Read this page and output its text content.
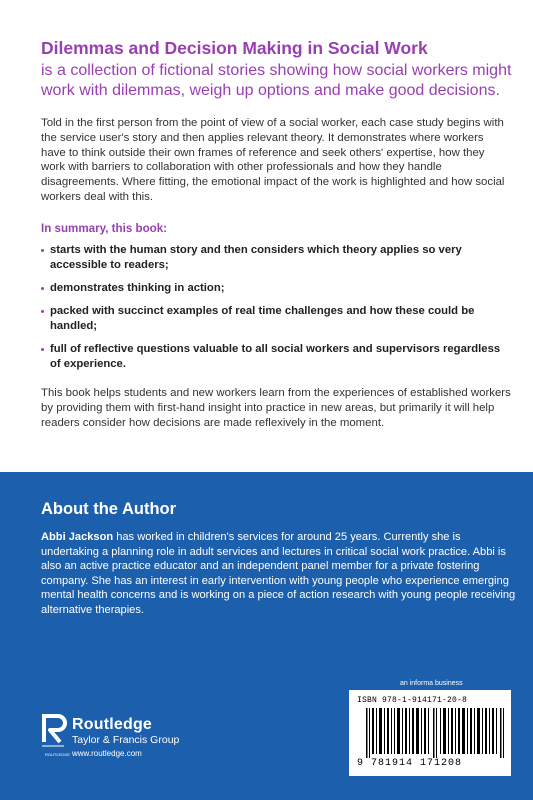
Dilemmas and Decision Making in Social Work

is a collection of fictional stories showing how social workers might work with dilemmas, weigh up options and make good decisions.

Told in the first person from the point of view of a social worker, each case study begins with the service user's story and then applies relevant theory. It demonstrates where workers have to think outside their own frames of reference and seek others' expertise, how they work with barriers to collaboration with other professionals and how they handle disagreements. Where fitting, the emotional impact of the work is highlighted and how social workers deal with this.

In summary, this book:

starts with the human story and then considers which theory applies so very accessible to readers;
demonstrates thinking in action;
packed with succinct examples of real time challenges and how these could be handled;
full of reflective questions valuable to all social workers and supervisors regardless of experience.

This book helps students and new workers learn from the experiences of established workers by providing them with first-hand insight into practice in new areas, but primarily it will help readers consider how decisions are made reflexively in the moment.

About the Author

Abbi Jackson has worked in children's services for around 25 years. Currently she is undertaking a planning role in adult services and lectures in critical social work practice. Abbi is also an active practice educator and an independent panel member for a private fostering company. She has an interest in early intervention with young people who experience emerging mental health concerns and is working on a piece of action research with young people receiving alternative therapies.

ROUTLEDGE
Routledge
Taylor & Francis Group
www.routledge.com
an informa business
ISBN 978-1-914171-20-8
9 781914 171208
